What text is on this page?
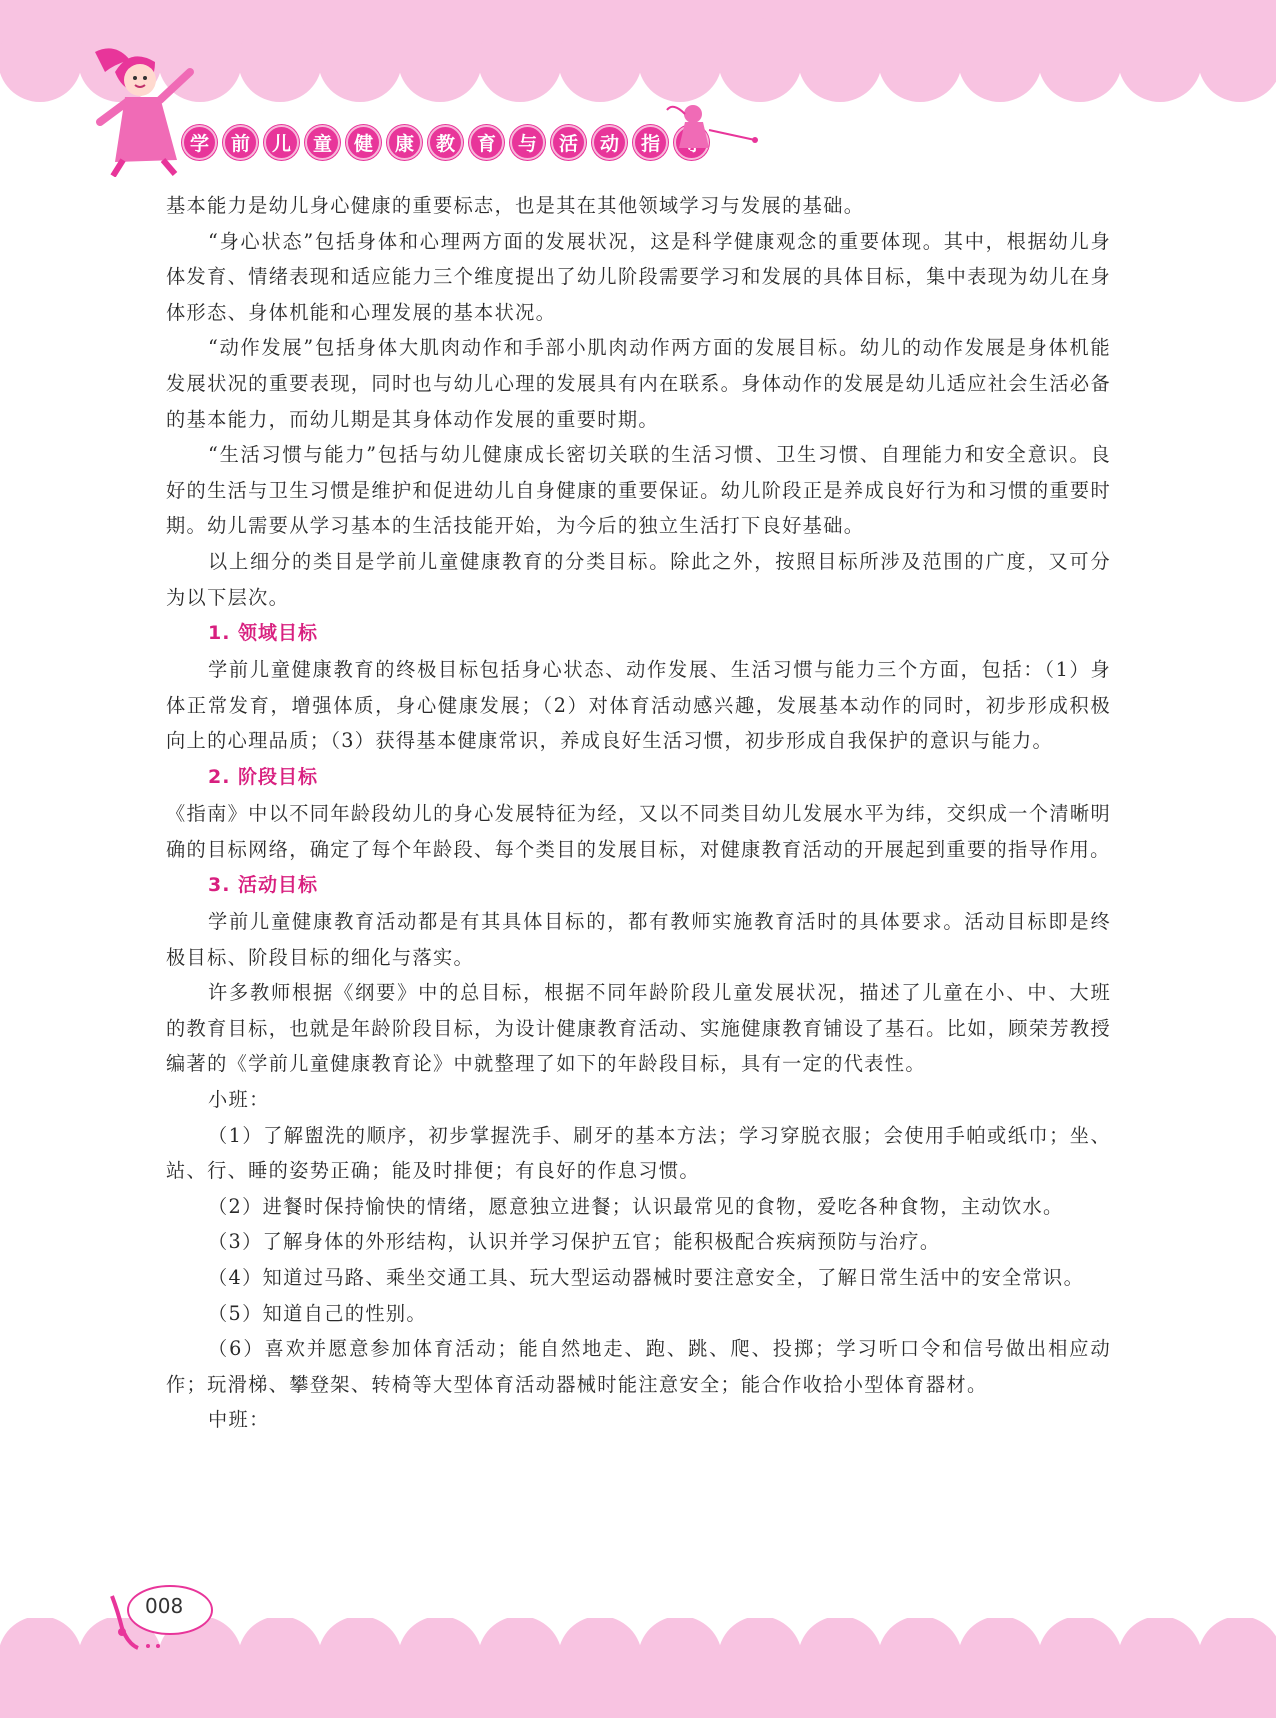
学	前	儿	童	健	康	教	育	与	活	动	指

基本能力是幼儿身心健康的重要标志，也是其在其他领域学习与发展的基础。

“身心状态”包括身体和心理两方面的发展状况，这是科学健康观念的重要体现。其中，根据幼儿身体发育、情绪表现和适应能力三个维度提出了幼儿阶段需要学习和发展的具体目标，集中表现为幼儿在身体形态、身体机能和心理发展的基本状况。

“动作发展”包括身体大肌肉动作和手部小肌肉动作两方面的发展目标。幼儿的动作发展是身体机能发展状况的重要表现，同时也与幼儿心理的发展具有内在联系。身体动作的发展是幼儿适应社会生活必备的基本能力，而幼儿期是其身体动作发展的重要时期。

“生活习惯与能力”包括与幼儿健康成长密切关联的生活习惯、卫生习惯、自理能力和安全意识。良好的生活与卫生习惯是维护和促进幼儿自身健康的重要保证。幼儿阶段正是养成良好行为和习惯的重要时期。幼儿需要从学习基本的生活技能开始，为今后的独立生活打下良好基础。

以上细分的类目是学前儿童健康教育的分类目标。除此之外，按照目标所涉及范围的广度，又可分为以下层次。

1. 领域目标

学前儿童健康教育的终极目标包括身心状态、动作发展、生活习惯与能力三个方面，包括：（1）身体正常发育，增强体质，身心健康发展；（2）对体育活动感兴趣，发展基本动作的同时，初步形成积极向上的心理品质；（3）获得基本健康常识，养成良好生活习惯，初步形成自我保护的意识与能力。

2. 阶段目标

《指南》中以不同年龄段幼儿的身心发展特征为经，又以不同类目幼儿发展水平为纬，交织成一个清晰明确的目标网络，确定了每个年龄段、每个类目的发展目标，对健康教育活动的开展起到重要的指导作用。

3. 活动目标

学前儿童健康教育活动都是有其具体目标的，都有教师实施教育活时的具体要求。活动目标即是终极目标、阶段目标的细化与落实。

许多教师根据《纲要》中的总目标，根据不同年龄阶段儿童发展状况，描述了儿童在小、中、大班的教育目标，也就是年龄阶段目标，为设计健康教育活动、实施健康教育铺设了基石。比如，顾荣芳教授编著的《学前儿童健康教育论》中就整理了如下的年龄段目标，具有一定的代表性。

小班：

（1）了解盥洗的顺序，初步掌握洗手、刷牙的基本方法；学习穿脱衣服；会使用手帕或纸巾；坐、站、行、睡的姿势正确；能及时排便；有良好的作息习惯。

（2）进餐时保持愉快的情绪，愿意独立进餐；认识最常见的食物，爱吃各种食物，主动饮水。

（3）了解身体的外形结构，认识并学习保护五官；能积极配合疾病预防与治疗。

（4）知道过马路、乘坐交通工具、玩大型运动器械时要注意安全，了解日常生活中的安全常识。

（5）知道自己的性别。

（6）喜欢并愿意参加体育活动；能自然地走、跑、跳、爬、投掷；学习听口令和信号做出相应动作；玩滑梯、攀登架、转椅等大型体育活动器械时能注意安全；能合作收拾小型体育器材。

中班：

008
